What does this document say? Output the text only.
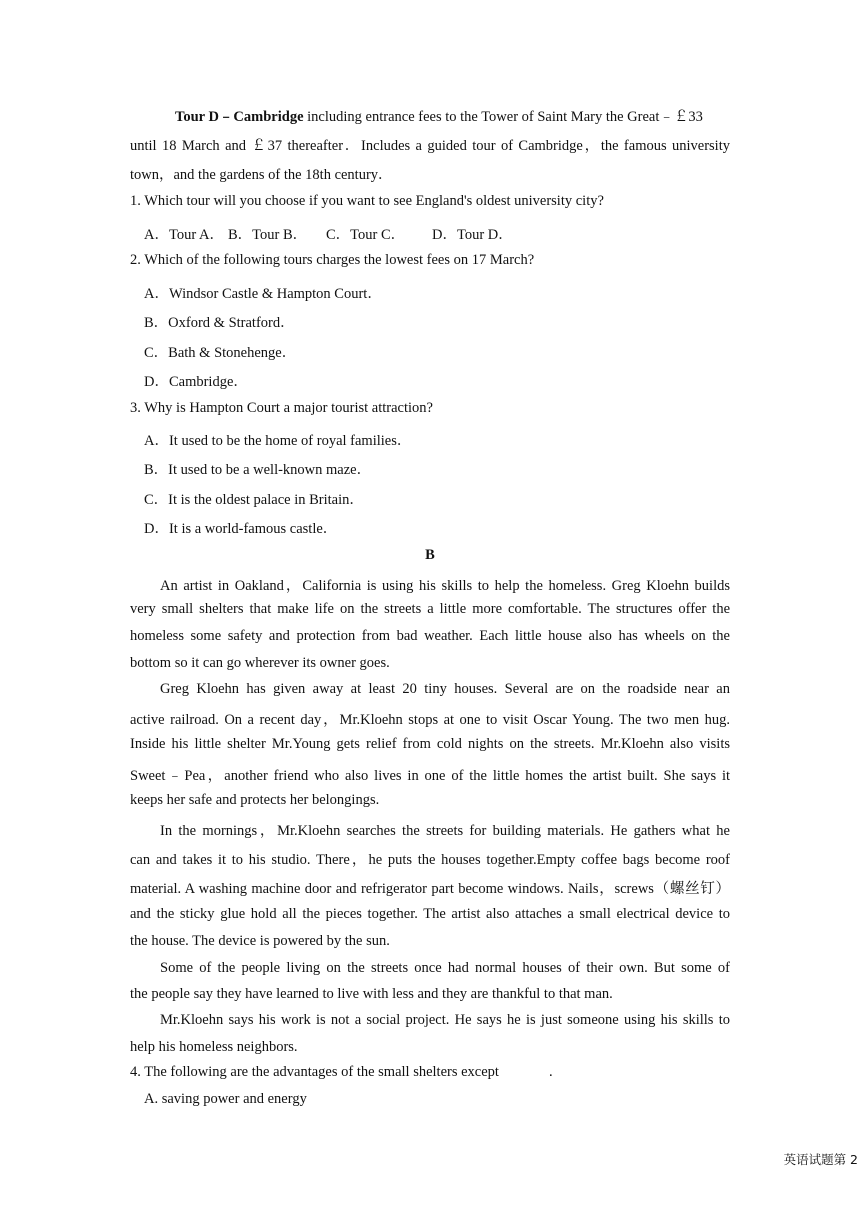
Tour D﹣Cambridge including entrance fees to the Tower of Saint Mary the Great﹣￡33
until 18 March and ￡37 thereafter．Includes a guided tour of Cambridge，the famous university
town，and the gardens of the 18th century．
1. Which tour will you choose if you want to see England's oldest university city?
A．Tour A． B．Tour B． C．Tour C． D．Tour D．
2. Which of the following tours charges the lowest fees on 17 March?
A．Windsor Castle & Hampton Court．
B．Oxford & Stratford．
C．Bath & Stonehenge．
D．Cambridge．
3. Why is Hampton Court a major tourist attraction?
A．It used to be the home of royal families．
B．It used to be a well-known maze．
C．It is the oldest palace in Britain．
D．It is a world-famous castle．
B
An artist in Oakland，California is using his skills to help the homeless. Greg Kloehn builds
very small shelters that make life on the streets a little more comfortable. The structures offer the
homeless some safety and protection from bad weather. Each little house also has wheels on the
bottom so it can go wherever its owner goes.
Greg Kloehn has given away at least 20 tiny houses. Several are on the roadside near an
active railroad. On a recent day，Mr.Kloehn stops at one to visit Oscar Young. The two men hug.
Inside his little shelter Mr.Young gets relief from cold nights on the streets. Mr.Kloehn also visits
Sweet﹣Pea，another friend who also lives in one of the little homes the artist built. She says it
keeps her safe and protects her belongings.
In the mornings，Mr.Kloehn searches the streets for building materials. He gathers what he
can and takes it to his studio. There，he puts the houses together.Empty coffee bags become roof
material. A washing machine door and refrigerator part become windows. Nails，screws（螺丝钉）
and the sticky glue hold all the pieces together. The artist also attaches a small electrical device to
the house. The device is powered by the sun.
Some of the people living on the streets once had normal houses of their own. But some of
the people say they have learned to live with less and they are thankful to that man.
Mr.Kloehn says his work is not a social project. He says he is just someone using his skills to
help his homeless neighbors.
4. The following are the advantages of the small shelters except	.
A. saving power and energy
英语试题第 2
